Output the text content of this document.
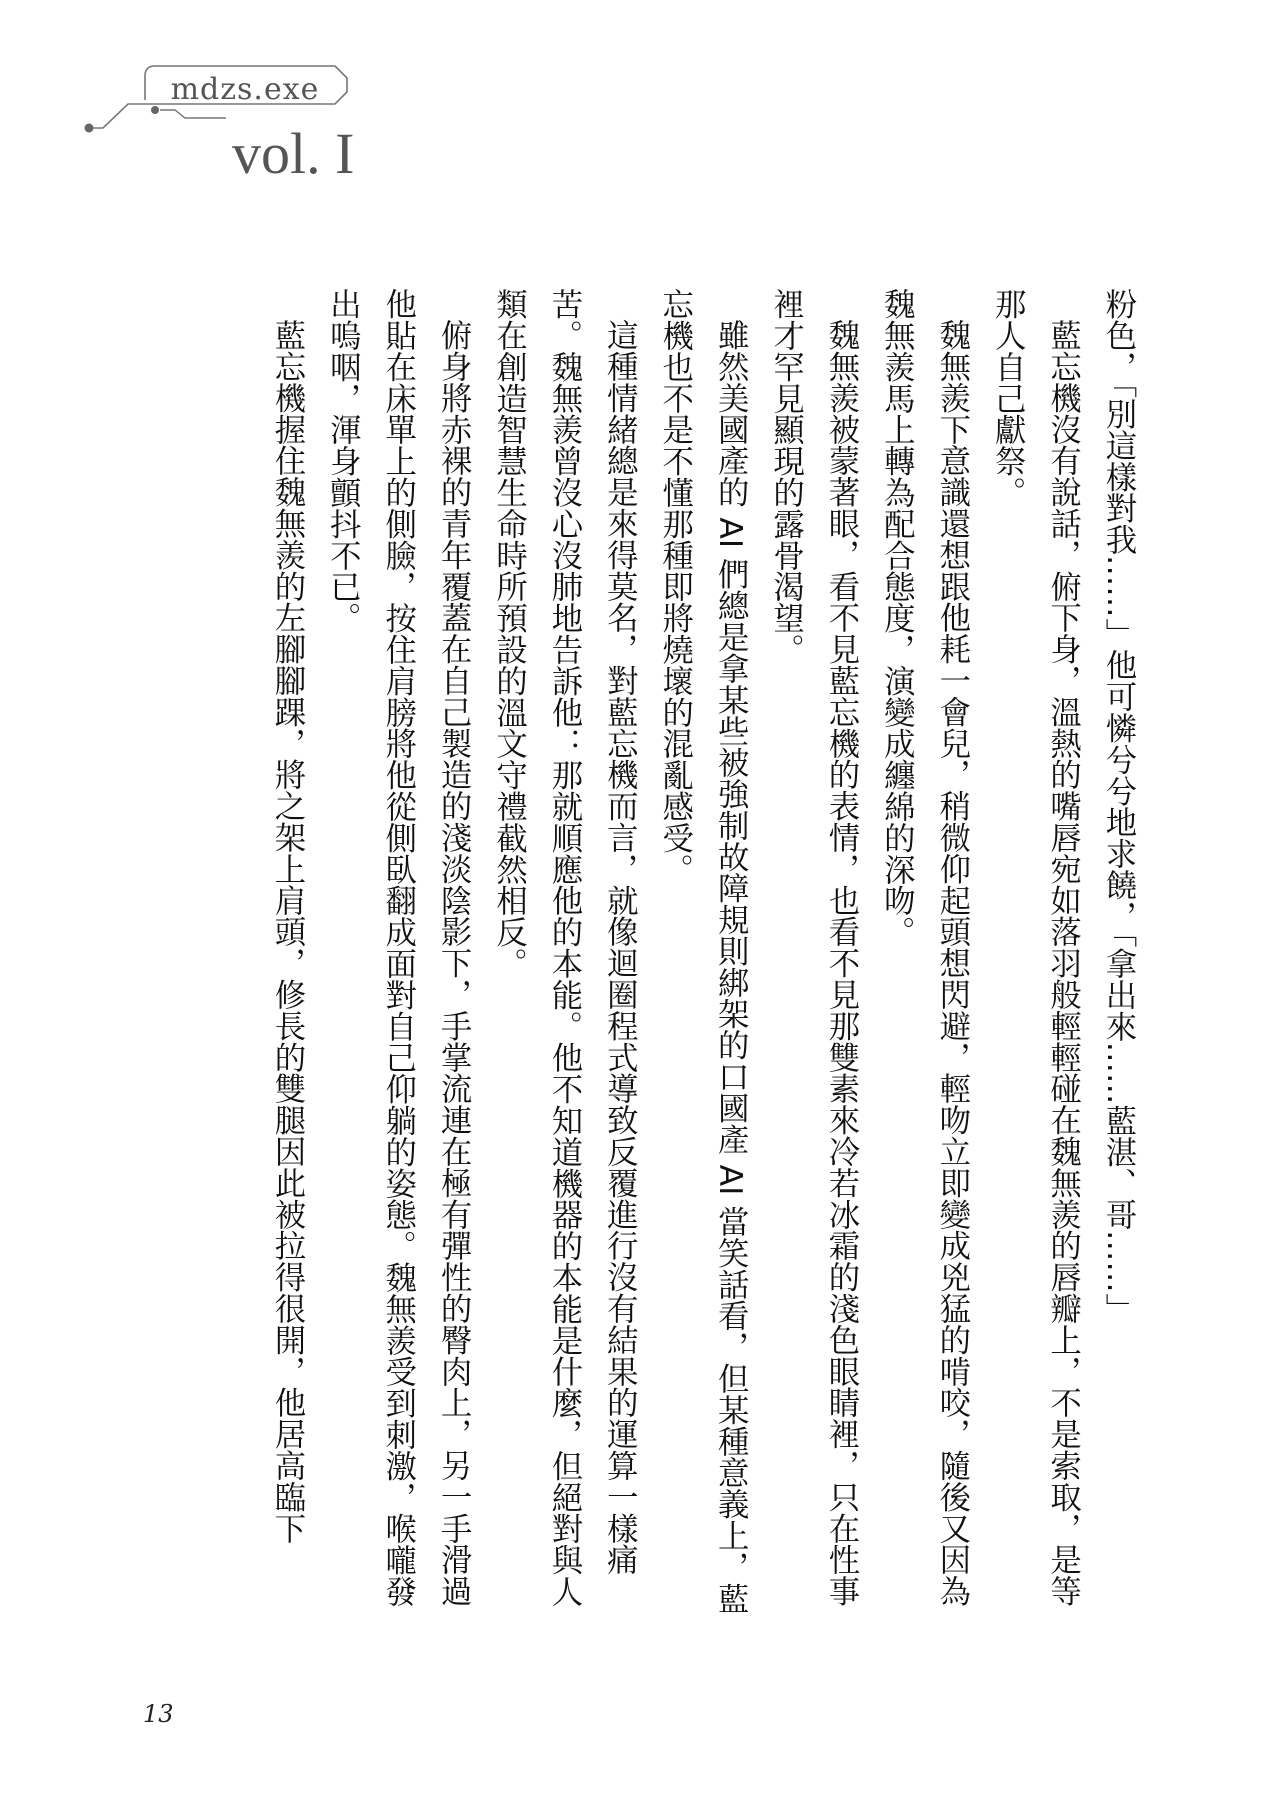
mdzs.exe
vol. I

粉色，「別這樣對我……」他可憐兮兮地求饒，「拿出來……藍湛、哥……」

藍忘機沒有說話，俯下身，溫熱的嘴唇宛如落羽般輕輕碰在魏無羨的唇瓣上，不是索取，是等那人自己獻祭。

魏無羨下意識還想跟他耗一會兒，稍微仰起頭想閃避，輕吻立即變成兇猛的啃咬，隨後又因為魏無羨馬上轉為配合態度，演變成纏綿的深吻。

魏無羨被蒙著眼，看不見藍忘機的表情，也看不見那雙素來冷若冰霜的淺色眼睛裡，只在性事裡才罕見顯現的露骨渴望。

雖然美國產的 AI 們總是拿某些被強制故障規則綁架的口國產 AI 當笑話看，但某種意義上，藍忘機也不是不懂那種即將燒壞的混亂感受。

這種情緒總是來得莫名，對藍忘機而言，就像迴圈程式導致反覆進行沒有結果的運算一樣痛苦。魏無羨曾沒心沒肺地告訴他：那就順應他的本能。他不知道機器的本能是什麼，但絕對與人類在創造智慧生命時所預設的溫文守禮截然相反。

俯身將赤裸的青年覆蓋在自己製造的淺淡陰影下，手掌流連在極有彈性的臀肉上，另一手滑過他貼在床單上的側臉，按住肩膀將他從側臥翻成面對自己仰躺的姿態。魏無羨受到刺激，喉嚨發出嗚咽，渾身顫抖不已。

藍忘機握住魏無羨的左腳腳踝，將之架上肩頭，修長的雙腿因此被拉得很開，他居高臨下

13
